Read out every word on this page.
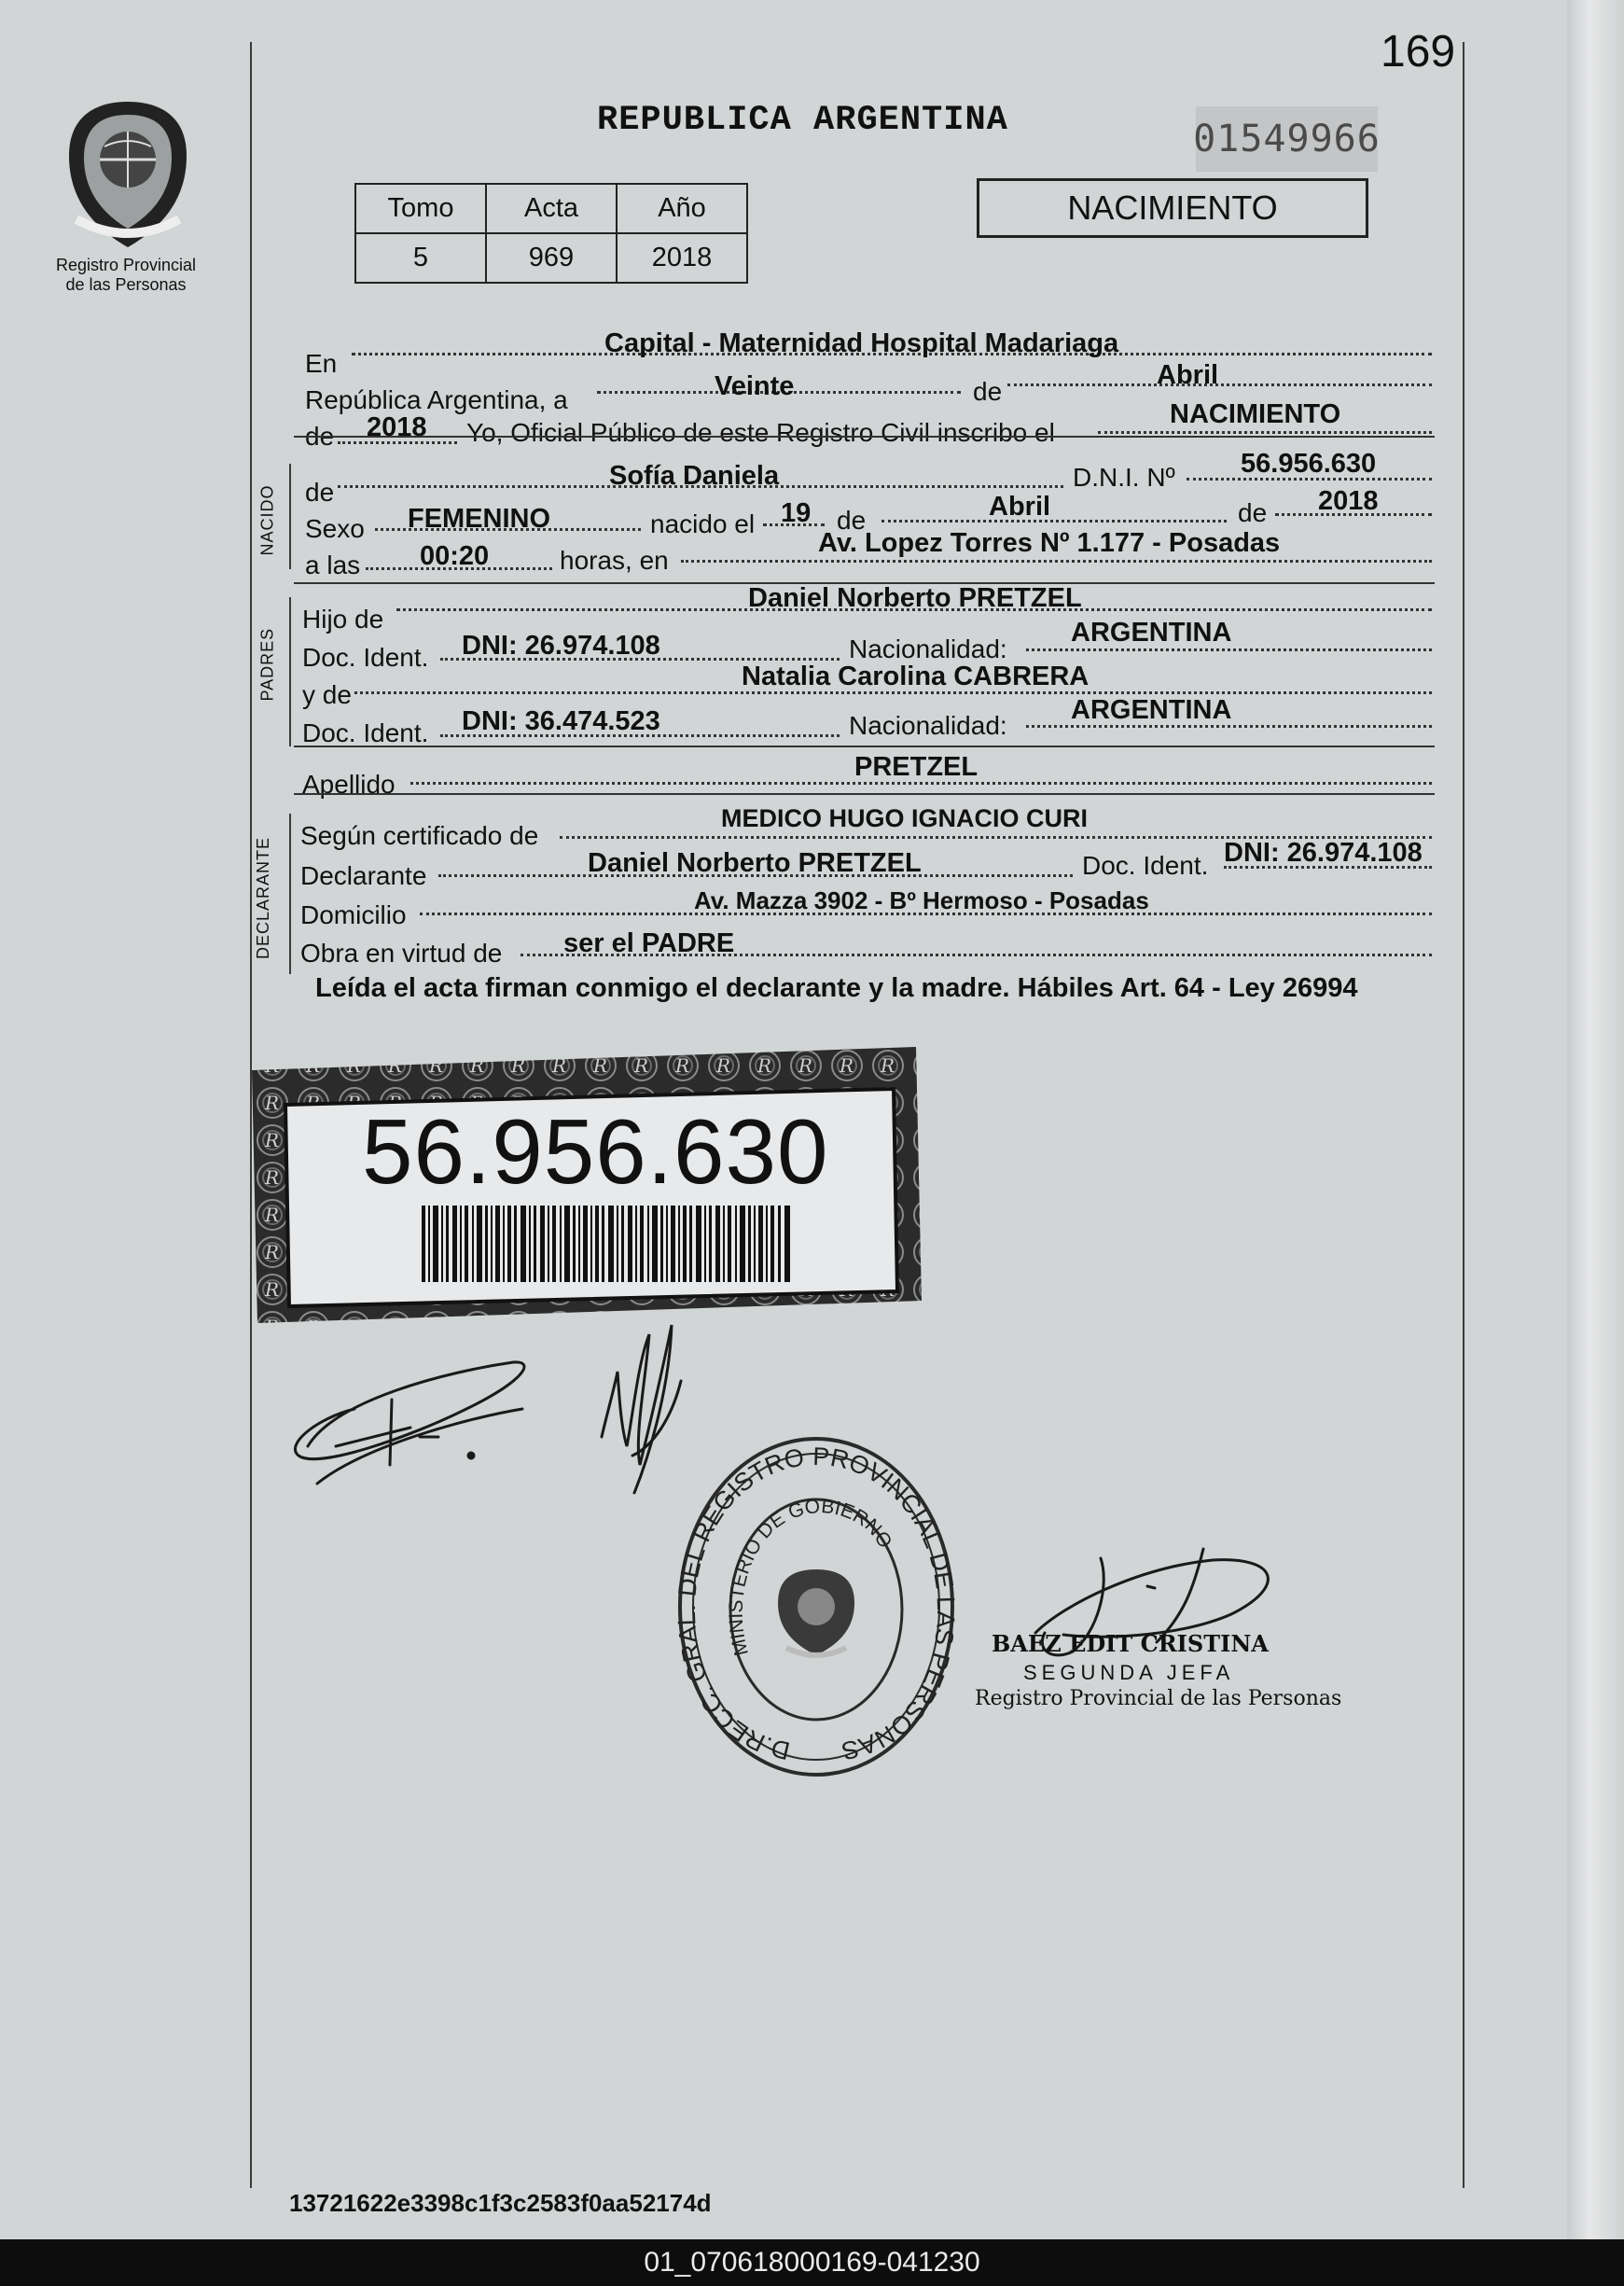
169
Registro Provincial
de las Personas
REPUBLICA ARGENTINA	01549966
Tomo	Acta	Año
5	969	2018
NACIMIENTO
En
Capital - Maternidad Hospital Madariaga
República Argentina, a	Veinte	de
Abril
de 2018 Yo, Oficial Público de este Registro Civil inscribo el
NACIMIENTO
NACIDO de
Sofía Daniela	D.N.I. Nº 56.956.630
Sexo FEMENINO	nacido el 19 de	Abril	de 2018
a las 00:20	horas, en
Av. Lopez Torres Nº 1.177 - Posadas
PADRES
Hijo de
Daniel Norberto PRETZEL
Doc. Ident. DNI: 26.974.108	Nacionalidad:
ARGENTINA
y de
Natalia Carolina CABRERA
Doc. Ident. DNI: 36.474.523	Nacionalidad:
ARGENTINA
Apellido
PRETZEL
DECLARANTE
Según certificado de
MEDICO HUGO IGNACIO CURI
Declarante	Daniel Norberto PRETZEL	Doc. Ident. DNI: 26.974.108
Domicilio	Av. Mazza 3902 - Bº Hermoso - Posadas
Obra en virtud de ser el PADRE
Leída el acta firman conmigo el declarante y la madre. Hábiles Art. 64 - Ley 26994
56.956.630
D.RECC. GRAL. DEL REGISTRO PROVINCIAL DE LAS PERSONAS
MINISTERIO DE GOBIERNO
BAEZ EDIT CRISTINA
SEGUNDA JEFA
Registro Provincial de las Personas
13721622e3398c1f3c2583f0aa52174d
01_070618000169-041230
